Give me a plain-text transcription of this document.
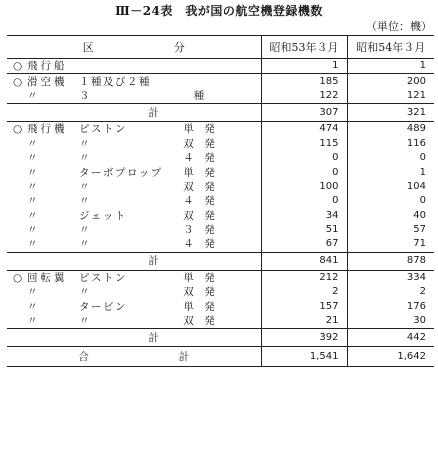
Ⅲ－24表　我が国の航空機登録機数
（単位：機）
区 分	昭和53年３月	昭和54年３月

○ 飛行船	1	1

○ 滑空機 １種及び２種	185	200

〃 ３ 種	122	121
計	307	321

○ 飛行機 ピストン 単　発	474	489

〃 〃 双　発	115	116

〃 〃 ４　発	0	0

〃 ターボプロップ 単　発	0	1

〃 〃 双　発	100	104

〃 〃 ４　発	0	0

〃 ジェット 双　発	34	40

〃 〃 ３　発	51	57

〃 〃 ４　発	67	71
計	841	878

○ 回転翼 ピストン 単　発	212	334

〃 〃 双　発	2	2

〃 タービン 単　発	157	176

〃 〃 双　発	21	30
計	392	442
合 計	1,541	1,642
